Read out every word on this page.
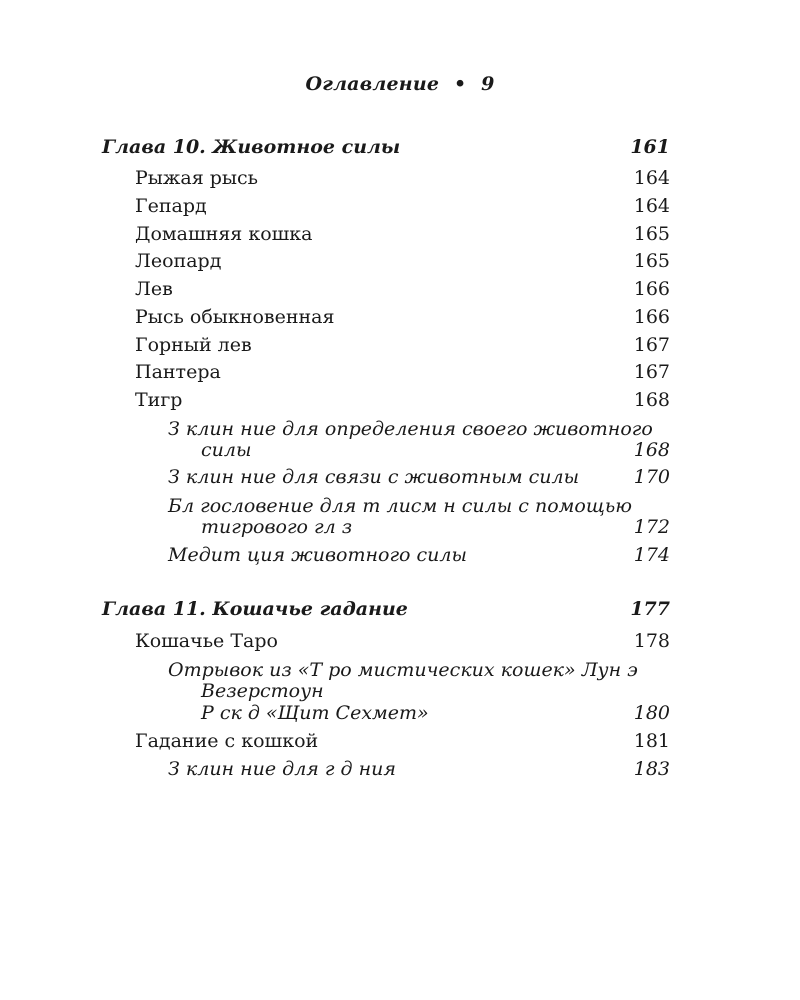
Оглавление • 9
Глава 10. Животное силы	161
Рыжая рысь	164
Гепард	164
Домашняя кошка	165
Леопард	165
Лев	166
Рысь обыкновенная	166
Горный лев	167
Пантера	167
Тигр	168
З клин ние для определения своего животного
силы	168
З клин ние для связи с животным силы	170
Бл гословение для т лисм н силы с помощью
тигрового гл з	172
Медит ция животного силы	174
Глава 11. Кошачье гадание	177
Кошачье Таро	178
Отрывок из «Т ро мистических кошек» Лун э
Везерстоун
Р ск д «Щит Сехмет»	180
Гадание с кошкой	181
З клин ние для г д ния	183
